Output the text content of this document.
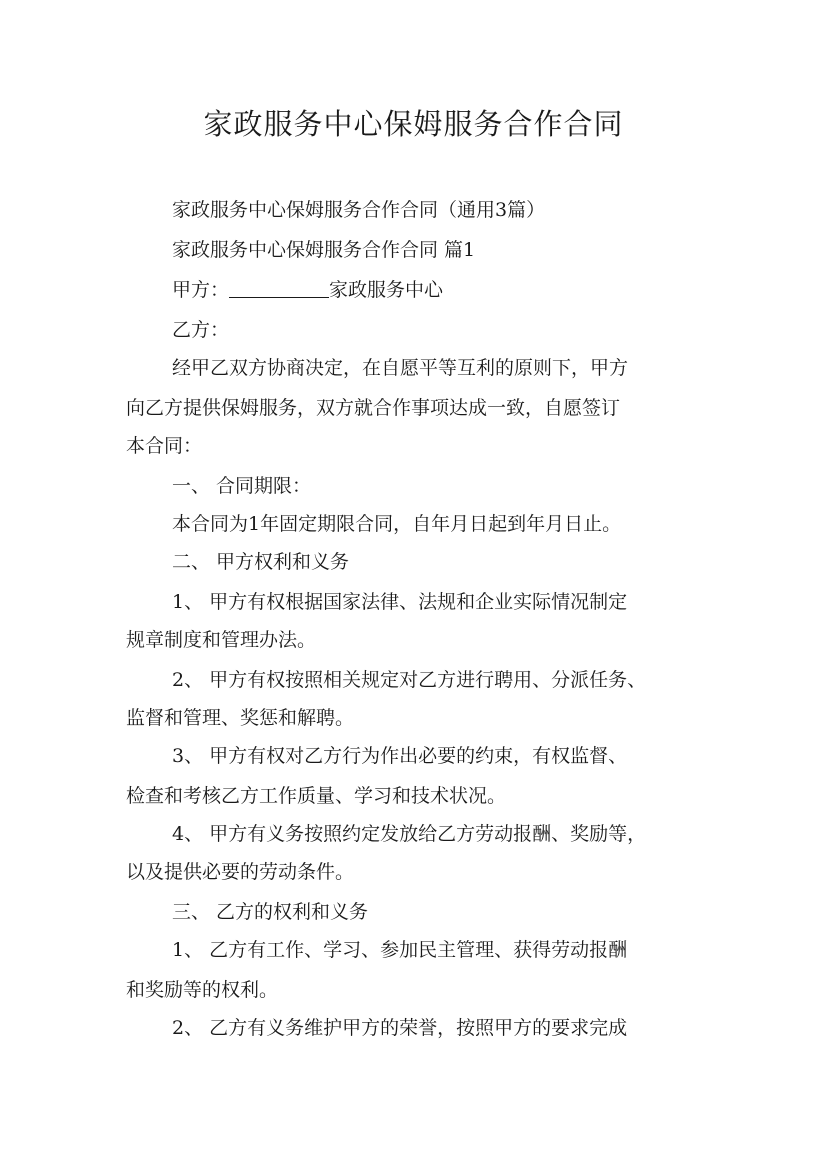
家政服务中心保姆服务合作合同

家政服务中心保姆服务合作合同（通用3篇）

家政服务中心保姆服务合作合同 篇1

甲方：	家政服务中心

乙方：

经甲乙双方协商决定，在自愿平等互利的原则下，甲方

向乙方提供保姆服务，双方就合作事项达成一致，自愿签订

本合同：

一、 合同期限：

本合同为1年固定期限合同，自年月日起到年月日止。

二、 甲方权利和义务

1、 甲方有权根据国家法律、法规和企业实际情况制定

规章制度和管理办法。

2、 甲方有权按照相关规定对乙方进行聘用、分派任务、

监督和管理、奖惩和解聘。

3、 甲方有权对乙方行为作出必要的约束，有权监督、

检查和考核乙方工作质量、学习和技术状况。

4、 甲方有义务按照约定发放给乙方劳动报酬、奖励等，

以及提供必要的劳动条件。

三、 乙方的权利和义务

1、 乙方有工作、学习、参加民主管理、获得劳动报酬

和奖励等的权利。

2、 乙方有义务维护甲方的荣誉，按照甲方的要求完成
